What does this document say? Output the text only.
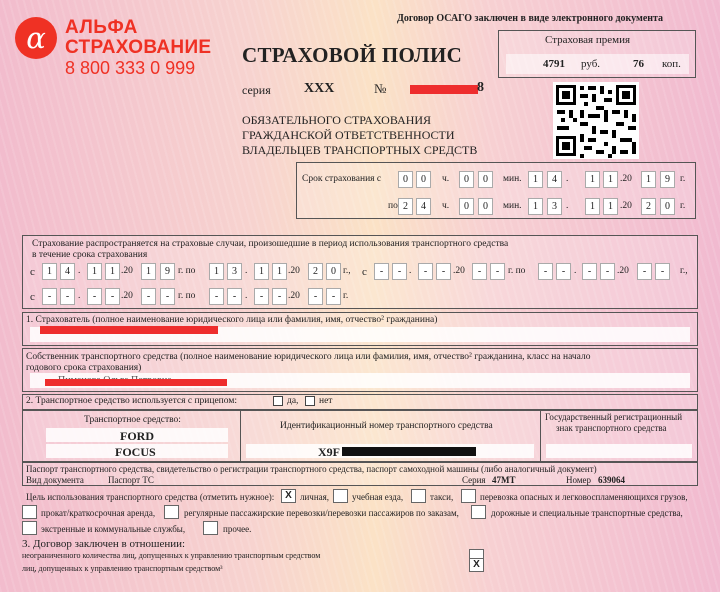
α АЛЬФА
СТРАХОВАНИЕ
8 800 333 0 999
Договор ОСАГО заключен в виде электронного документа
СТРАХОВОЙ ПОЛИС
серия ХХХ	№	8
ОБЯЗАТЕЛЬНОГО СТРАХОВАНИЯ
ГРАЖДАНСКОЙ ОТВЕТСТВЕННОСТИ
ВЛАДЕЛЬЦЕВ ТРАНСПОРТНЫХ СРЕДСТВ
Страховая премия
4791 руб.	76 коп.
Срок страхования с	0	0	ч.	0	0	мин.	1	4 .	1	1 .20	1	9	г.
по 2	4	ч.	0	0	мин.	1	3 .	1	1 .20	2	0	г.
Страхование распространяется на страховые случаи, произошедшие в период использования транспортного средства
в течение срока страхования
с	1	4 .	1	1 .20	1	9 г. по	1	3 .	1	1 .20	2	0 г., с	-	- .	-	- .20	-	- г. по	-	- .	-	- .20	-	-	г.,
с	-	- .	-	- .20	-	- г. по	-	- .	-	- .20	-	- г.
1. Страхователь (полное наименование юридического лица или фамилия, имя, отчество² гражданина)
Собственник транспортного средства (полное наименование юридического лица или фамилия, имя, отчество² гражданина, класс на начало
годового срока страхования)
2. Транспортное средство используется с прицепом:	да, нет
Транспортное средство:
FORD
FOCUS
Идентификационный номер транспортного средства
X9F
Государственный регистрационный
знак транспортного средства
Паспорт транспортного средства, свидетельство о регистрации транспортного средства, паспорт самоходной машины (либо аналогичный документ)
Вид документа	Паспорт ТС	Серия 47МТ	Номер 639064
Цель использования транспортного средства (отметить нужное):	X личная,	учебная езда,	такси,	перевозка опасных и легковоспламеняющихся грузов,
прокат/краткосрочная аренда,	регулярные пассажирские перевозки/перевозки пассажиров по заказам,	дорожные и специальные транспортные средства,
экстренные и коммунальные службы,	прочее.
3. Договор заключен в отношении:
неограниченного количества лиц, допущенных к управлению транспортным средством
лиц, допущенных к управлению транспортным средством³	X
